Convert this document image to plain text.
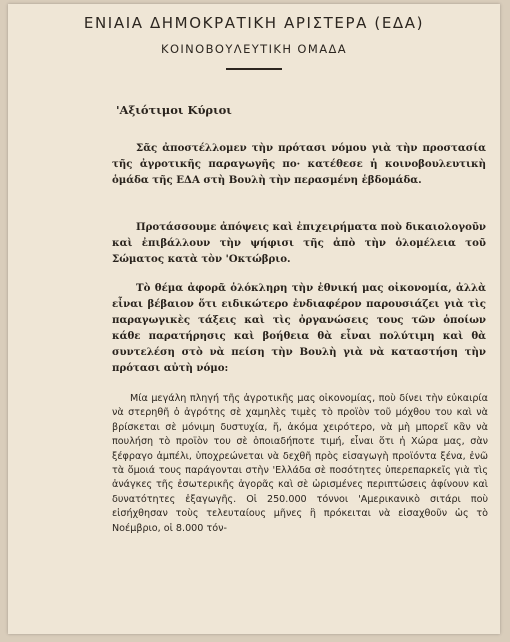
ΕΝΙΑΙΑ ΔΗΜΟΚΡΑΤΙΚΗ ΑΡΙΣΤΕΡΑ (ΕΔΑ)
ΚΟΙΝΟΒΟΥΛΕΥΤΙΚΗ ΟΜΑΔΑ
'Αξιότιμοι Κύριοι

Σᾶς ἀποστέλλομεν τὴν πρότασι νόμου γιὰ τὴν προστασία τῆς ἀγροτικῆς παραγωγῆς πο· κατέθεσε ἡ κοινοβουλευτικὴ ὁμάδα τῆς ΕΔΑ στὴ Βουλὴ τὴν περασμένη ἑβδομάδα.

Προτάσσουμε ἀπόψεις καὶ ἐπιχειρήματα ποὺ δικαιολογοῦν καὶ ἐπιβάλλουν τὴν ψήφισι τῆς ἀπὸ τὴν ὁλομέλεια τοῦ Σώματος κατὰ τὸν 'Οκτώβριο.

Τὸ θέμα ἀφορᾶ ὁλόκληρη τὴν ἐθνική μας οἰκονομία, ἀλλὰ εἶναι βέβαιον ὅτι ειδικώτερο ἐνδιαφέρον παρουσιάζει γιὰ τὶς παραγωγικὲς τάξεις καὶ τὶς ὀργανώσεις τους τῶν ὁποίων κάθε παρατήρησις καὶ βοήθεια θὰ εἶναι πολύτιμη καὶ θὰ συντελέση στὸ νὰ πείση τὴν Βουλὴ γιὰ νὰ καταστήση τὴν πρότασι αὐτὴ νόμο:

Μία μεγάλη πληγή τῆς ἀγροτικῆς μας οἰκονομίας, ποὺ δίνει τὴν εὐκαιρία νὰ στερηθῆ ὁ ἀγρότης σὲ χαμηλὲς τιμὲς τὸ προϊὸν τοῦ μόχθου του καὶ νὰ βρίσκεται σὲ μόνιμη δυστυχία, ἤ, ἀκόμα χειρότερο, νὰ μὴ μπορεῖ κἂν νὰ πουλήση τὸ προϊὸν του σὲ ὁποιαδήποτε τιμή, εἶναι ὅτι ἡ Χώρα μας, σὰν ξέφραγο ἀμπέλι, ὑποχρεώνεται νὰ δεχθῆ πρὸς εἰσαγωγὴ προϊόντα ξένα, ἐνῶ τὰ ὅμοιά τους παράγονται στὴν 'Ελλάδα σὲ ποσότητες ὑπερεπαρκεῖς γιὰ τὶς ἀνάγκες τῆς ἐσωτερικῆς ἀγορᾶς καὶ σὲ ὡρισμένες περιπτώσεις ἀφίνουν καὶ δυνατότητες ἐξαγωγῆς. Οἱ 250.000 τόννοι 'Αμερικανικὸ σιτάρι ποὺ εἰσήχθησαν τοὺς τελευταίους μῆνες ἢ πρόκειται νὰ εἰσαχθοῦν ὡς τὸ Νοέμβριο, οἱ 8.000 τόν-
